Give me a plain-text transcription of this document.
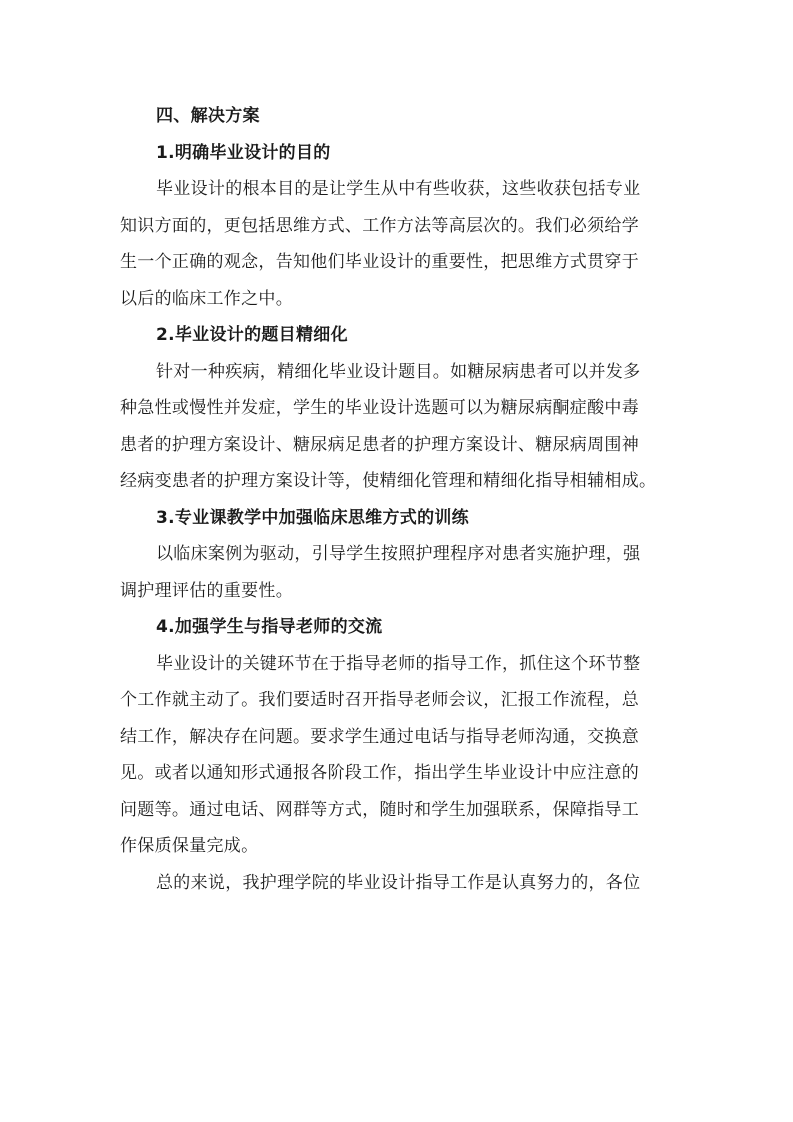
四、解决方案
1.明确毕业设计的目的
毕业设计的根本目的是让学生从中有些收获，这些收获包括专业
知识方面的，更包括思维方式、工作方法等高层次的。我们必须给学
生一个正确的观念，告知他们毕业设计的重要性，把思维方式贯穿于
以后的临床工作之中。
2.毕业设计的题目精细化
针对一种疾病，精细化毕业设计题目。如糖尿病患者可以并发多
种急性或慢性并发症，学生的毕业设计选题可以为糖尿病酮症酸中毒
患者的护理方案设计、糖尿病足患者的护理方案设计、糖尿病周围神
经病变患者的护理方案设计等，使精细化管理和精细化指导相辅相成。
3.专业课教学中加强临床思维方式的训练
以临床案例为驱动，引导学生按照护理程序对患者实施护理，强
调护理评估的重要性。
4.加强学生与指导老师的交流
毕业设计的关键环节在于指导老师的指导工作，抓住这个环节整
个工作就主动了。我们要适时召开指导老师会议，汇报工作流程，总
结工作，解决存在问题。要求学生通过电话与指导老师沟通，交换意
见。或者以通知形式通报各阶段工作，指出学生毕业设计中应注意的
问题等。通过电话、网群等方式，随时和学生加强联系，保障指导工
作保质保量完成。
总的来说，我护理学院的毕业设计指导工作是认真努力的，各位
